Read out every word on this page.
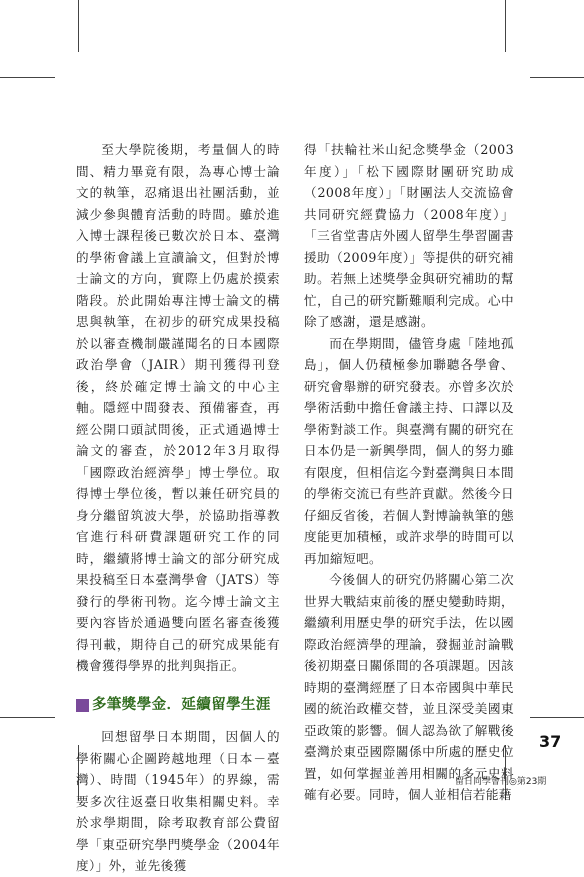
至大學院後期，考量個人的時間、精力畢竟有限，為專心博士論文的執筆，忍痛退出社團活動，並減少參與體育活動的時間。雖於進入博士課程後已數次於日本、臺灣的學術會議上宣讀論文，但對於博士論文的方向，實際上仍處於摸索階段。於此開始專注博士論文的構思與執筆，在初步的研究成果投稿於以審查機制嚴謹聞名的日本國際政治學會（JAIR）期刊獲得刊登後，終於確定博士論文的中心主軸。隱經中間發表、預備審查，再經公開口頭試問後，正式通過博士論文的審查，於2012年3月取得「國際政治經濟學」博士學位。取得博士學位後，暫以兼任研究員的身分繼留筑波大學，於協助指導教官進行科研費課題研究工作的同時，繼續將博士論文的部分研究成果投稿至日本臺灣學會（JATS）等發行的學術刊物。迄今博士論文主要內容皆於通過雙向匿名審查後獲得刊載，期待自己的研究成果能有機會獲得學界的批判與指正。

多筆獎學金．延續留學生涯

回想留學日本期間，因個人的學術關心企圖跨越地理（日本－臺灣）、時間（1945年）的界線，需要多次往返臺日收集相關史料。幸於求學期間，除考取教育部公費留學「東亞研究學門獎學金（2004年度）」外，並先後獲

得「扶輪社米山紀念獎學金（2003年度）」「松下國際財團研究助成（2008年度）」「財團法人交流協會共同研究經費協力（2008年度）」「三省堂書店外國人留學生學習圖書援助（2009年度）」等提供的研究補助。若無上述獎學金與研究補助的幫忙，自己的研究斷難順利完成。心中除了感謝，還是感謝。

而在學期間，儘管身處「陸地孤島」，個人仍積極參加聯聽各學會、研究會舉辦的研究發表。亦曾多次於學術活動中擔任會議主持、口譯以及學術對談工作。與臺灣有關的研究在日本仍是一新興學問，個人的努力雖有限度，但相信迄今對臺灣與日本間的學術交流已有些許貢獻。然後今日仔細反省後，若個人對博論執筆的態度能更加積極，或許求學的時間可以再加縮短吧。

今後個人的研究仍將關心第二次世界大戰結束前後的歷史變動時期，繼續利用歷史學的研究手法，佐以國際政治經濟學的理論，發掘並討論戰後初期臺日關係間的各項課題。因該時期的臺灣經歷了日本帝國與中華民國的統治政權交替，並且深受美國東亞政策的影響。個人認為欲了解戰後臺灣於東亞國際關係中所處的歷史位置，如何掌握並善用相關的多元史料確有必要。同時，個人並相信若能藉

37
留日同學會刊◎第23期
